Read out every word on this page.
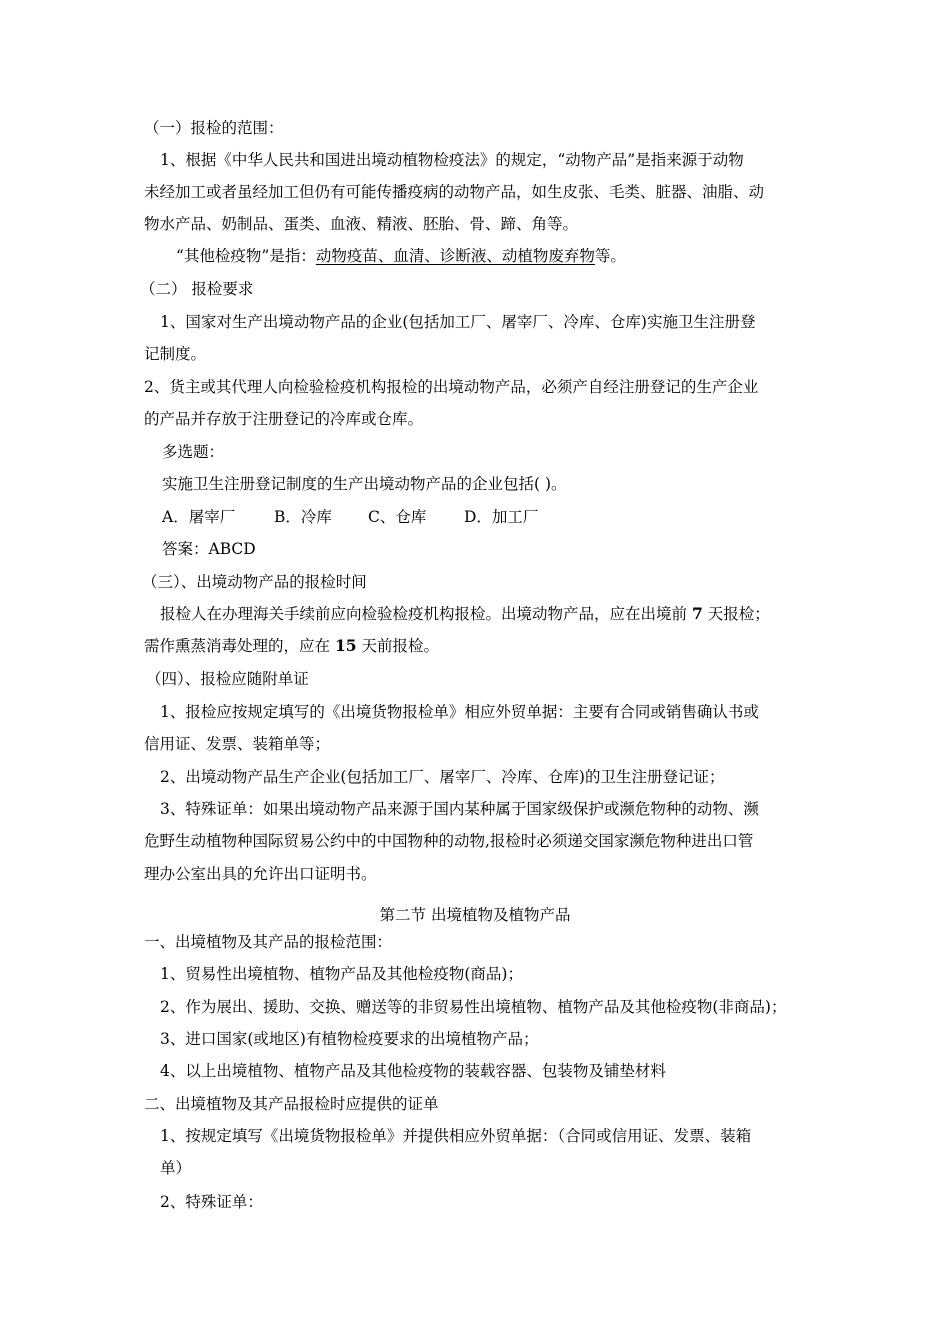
（一）报检的范围：
1、根据《中华人民共和国进出境动植物检疫法》的规定，“动物产品”是指来源于动物
未经加工或者虽经加工但仍有可能传播疫病的动物产品，如生皮张、毛类、脏器、油脂、动
物水产品、奶制品、蛋类、血液、精液、胚胎、骨、蹄、角等。
“其他检疫物”是指：动物疫苗、血清、诊断液、动植物废弃物等。
（二） 报检要求
1、国家对生产出境动物产品的企业(包括加工厂、屠宰厂、冷库、仓库)实施卫生注册登
记制度。
2、货主或其代理人向检验检疫机构报检的出境动物产品，必须产自经注册登记的生产企业
的产品并存放于注册登记的冷库或仓库。
多选题：
实施卫生注册登记制度的生产出境动物产品的企业包括( )。
A．屠宰厂	B．冷库 C、仓库 D．加工厂
答案：ABCD
（三）、出境动物产品的报检时间
报检人在办理海关手续前应向检验检疫机构报检。出境动物产品，应在出境前 7 天报检；
需作熏蒸消毒处理的，应在 15 天前报检。
（四）、报检应随附单证
1、报检应按规定填写的《出境货物报检单》相应外贸单据：主要有合同或销售确认书或
信用证、发票、装箱单等；
2、出境动物产品生产企业(包括加工厂、屠宰厂、冷库、仓库)的卫生注册登记证；
3、特殊证单：如果出境动物产品来源于国内某种属于国家级保护或濒危物种的动物、濒
危野生动植物种国际贸易公约中的中国物种的动物,报检时必须递交国家濒危物种进出口管
理办公室出具的允许出口证明书。
第二节 出境植物及植物产品
一、出境植物及其产品的报检范围：
1、贸易性出境植物、植物产品及其他检疫物(商品)；
2、作为展出、援助、交换、赠送等的非贸易性出境植物、植物产品及其他检疫物(非商品)；
3、进口国家(或地区)有植物检疫要求的出境植物产品；
4、以上出境植物、植物产品及其他检疫物的装载容器、包装物及铺垫材料
二、出境植物及其产品报检时应提供的证单
1、按规定填写《出境货物报检单》并提供相应外贸单据：（合同或信用证、发票、装箱
单）
2、特殊证单：
